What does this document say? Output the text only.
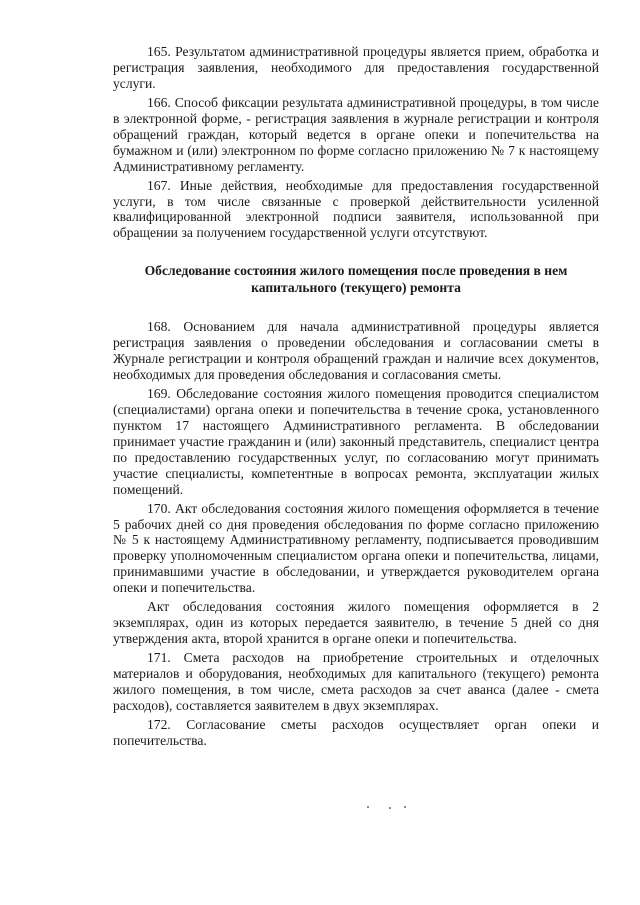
165. Результатом административной процедуры является прием, обработка и регистрация заявления, необходимого для предоставления государственной услуги.

166. Способ фиксации результата административной процедуры, в том числе в электронной форме, - регистрация заявления в журнале регистрации и контроля обращений граждан, который ведется в органе опеки и попечительства на бумажном и (или) электронном по форме согласно приложению № 7 к настоящему Административному регламенту.

167. Иные действия, необходимые для предоставления государственной услуги, в том числе связанные с проверкой действительности усиленной квалифицированной электронной подписи заявителя, использованной при обращении за получением государственной услуги отсутствуют.

Обследование состояния жилого помещения после проведения в нем
капитального (текущего) ремонта

168. Основанием для начала административной процедуры является регистрация заявления о проведении обследования и согласовании сметы в Журнале регистрации и контроля обращений граждан и наличие всех документов, необходимых для проведения обследования и согласования сметы.

169. Обследование состояния жилого помещения проводится специалистом (специалистами) органа опеки и попечительства в течение срока, установленного пунктом 17 настоящего Административного регламента. В обследовании принимает участие гражданин и (или) законный представитель, специалист центра по предоставлению государственных услуг, по согласованию могут принимать участие специалисты, компетентные в вопросах ремонта, эксплуатации жилых помещений.

170. Акт обследования состояния жилого помещения оформляется в течение 5 рабочих дней со дня проведения обследования по форме согласно приложению № 5 к настоящему Административному регламенту, подписывается проводившим проверку уполномоченным специалистом органа опеки и попечительства, лицами, принимавшими участие в обследовании, и утверждается руководителем органа опеки и попечительства.

Акт обследования состояния жилого помещения оформляется в 2 экземплярах, один из которых передается заявителю, в течение 5 дней со дня утверждения акта, второй хранится в органе опеки и попечительства.

171. Смета расходов на приобретение строительных и отделочных материалов и оборудования, необходимых для капитального (текущего) ремонта жилого помещения, в том числе, смета расходов за счет аванса (далее - смета расходов), составляется заявителем в двух экземплярах.

172. Согласование сметы расходов осуществляет орган опеки и попечительства.
